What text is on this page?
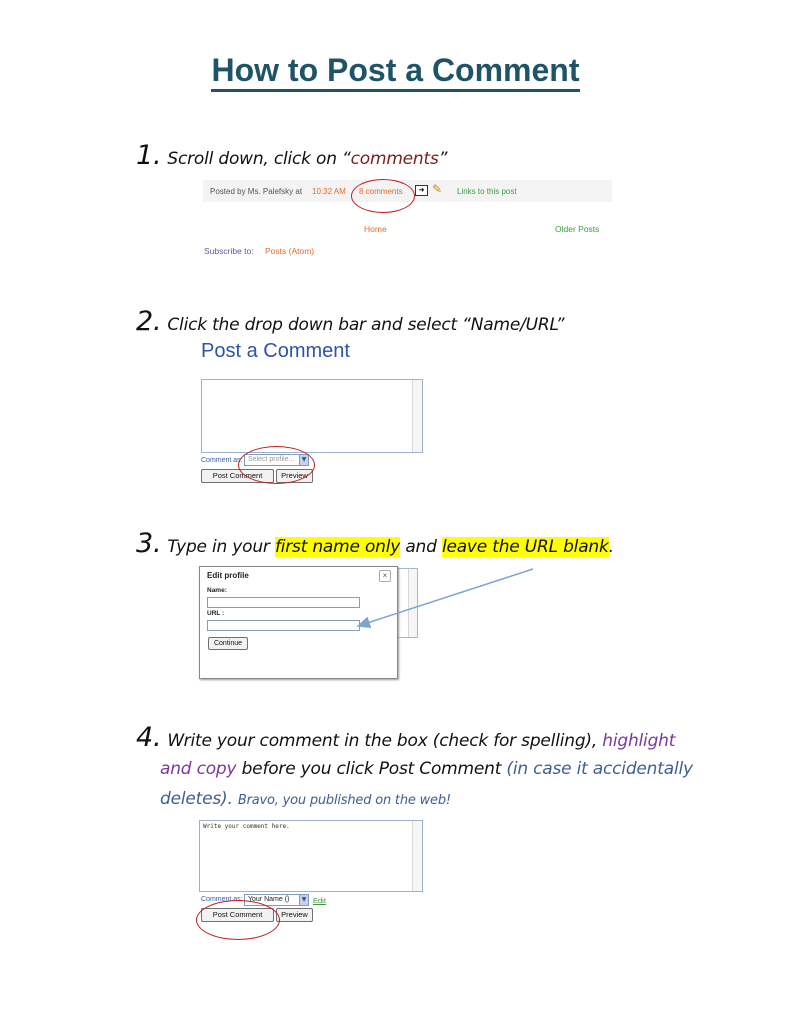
How to Post a Comment
1. Scroll down, click on “comments”
Posted by Ms. Palefsky at 10:32 AM 8 comments	➜ ✎ Links to this post
Home	Older Posts
Subscribe to: Posts (Atom)
2. Click the drop down bar and select “Name/URL”
Post a Comment
Comment as: Select profile...	▼
Post Comment	Preview
3. Type in your first name only and leave the URL blank.
Edit profile	×
Name:
URL :
Continue
4. Write your comment in the box (check for spelling), highlight
and copy before you click Post Comment (in case it accidentally
deletes). Bravo, you published on the web!
Write your comment here.
Comment as: Your Name ()	▼ Edit
Post Comment	Preview
